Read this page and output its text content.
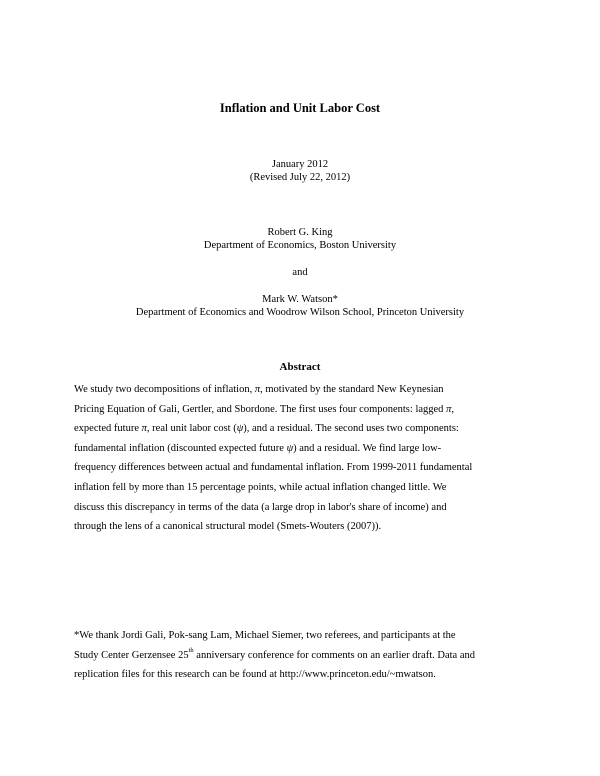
Inflation and Unit Labor Cost
January 2012
(Revised July 22, 2012)
Robert G. King
Department of Economics, Boston University
and
Mark W. Watson*
Department of Economics and Woodrow Wilson School, Princeton University
Abstract

We study two decompositions of inflation, π, motivated by the standard New Keynesian
Pricing Equation of Gali, Gertler, and Sbordone. The first uses four components: lagged π,
expected future π, real unit labor cost (ψ), and a residual. The second uses two components:
fundamental inflation (discounted expected future ψ) and a residual. We find large low-
frequency differences between actual and fundamental inflation. From 1999-2011 fundamental
inflation fell by more than 15 percentage points, while actual inflation changed little. We
discuss this discrepancy in terms of the data (a large drop in labor's share of income) and
through the lens of a canonical structural model (Smets-Wouters (2007)).

*We thank Jordi Gali, Pok-sang Lam, Michael Siemer, two referees, and participants at the
Study Center Gerzensee 25th anniversary conference for comments on an earlier draft. Data and
replication files for this research can be found at http://www.princeton.edu/~mwatson.
